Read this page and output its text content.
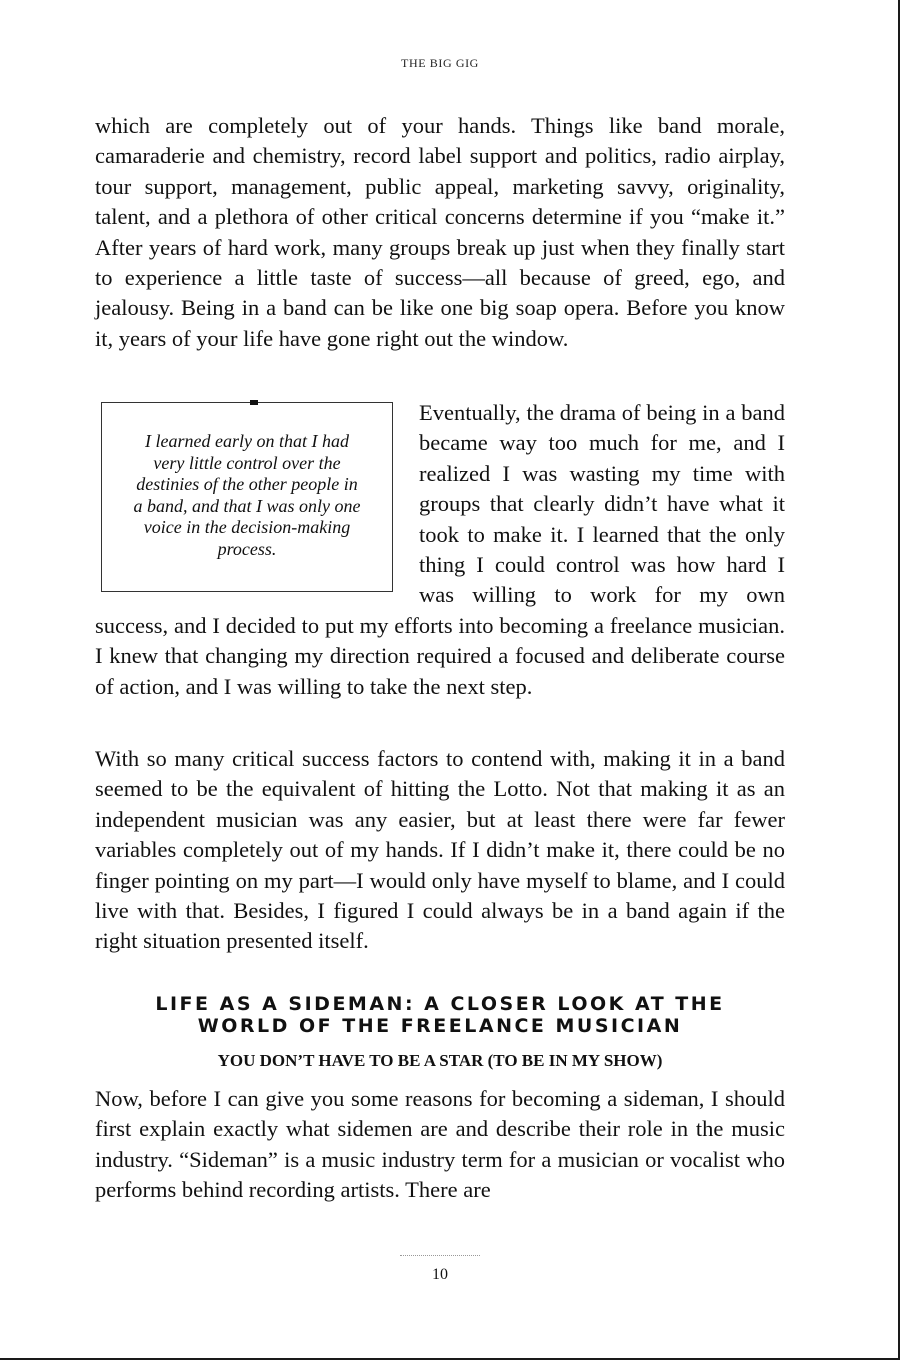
THE BIG GIG

which are completely out of your hands. Things like band morale, camaraderie and chemistry, record label support and politics, radio airplay, tour support, management, public appeal, marketing savvy, originality, talent, and a plethora of other critical concerns determine if you “make it.” After years of hard work, many groups break up just when they finally start to experience a little taste of success—all because of greed, ego, and jealousy. Being in a band can be like one big soap opera. Before you know it, years of your life have gone right out the window.

I learned early on that I had very little control over the destinies of the other people in a band, and that I was only one voice in the decision-making process.
Eventually, the drama of being in a band became way too much for me, and I realized I was wasting my time with groups that clearly didn’t have what it took to make it. I learned that the only thing I could control was how hard I was willing to work for my own success, and I decided to put my efforts into becoming a freelance musician. I knew that changing my direction required a focused and deliberate course of action, and I was willing to take the next step.

With so many critical success factors to contend with, making it in a band seemed to be the equivalent of hitting the Lotto. Not that making it as an independent musician was any easier, but at least there were far fewer variables completely out of my hands. If I didn’t make it, there could be no finger pointing on my part—I would only have myself to blame, and I could live with that. Besides, I figured I could always be in a band again if the right situation presented itself.

LIFE AS A SIDEMAN: A CLOSER LOOK AT THE
WORLD OF THE FREELANCE MUSICIAN
YOU DON’T HAVE TO BE A STAR (TO BE IN MY SHOW)

Now, before I can give you some reasons for becoming a sideman, I should first explain exactly what sidemen are and describe their role in the music industry. “Sideman” is a music industry term for a musician or vocalist who performs behind recording artists. There are

10
